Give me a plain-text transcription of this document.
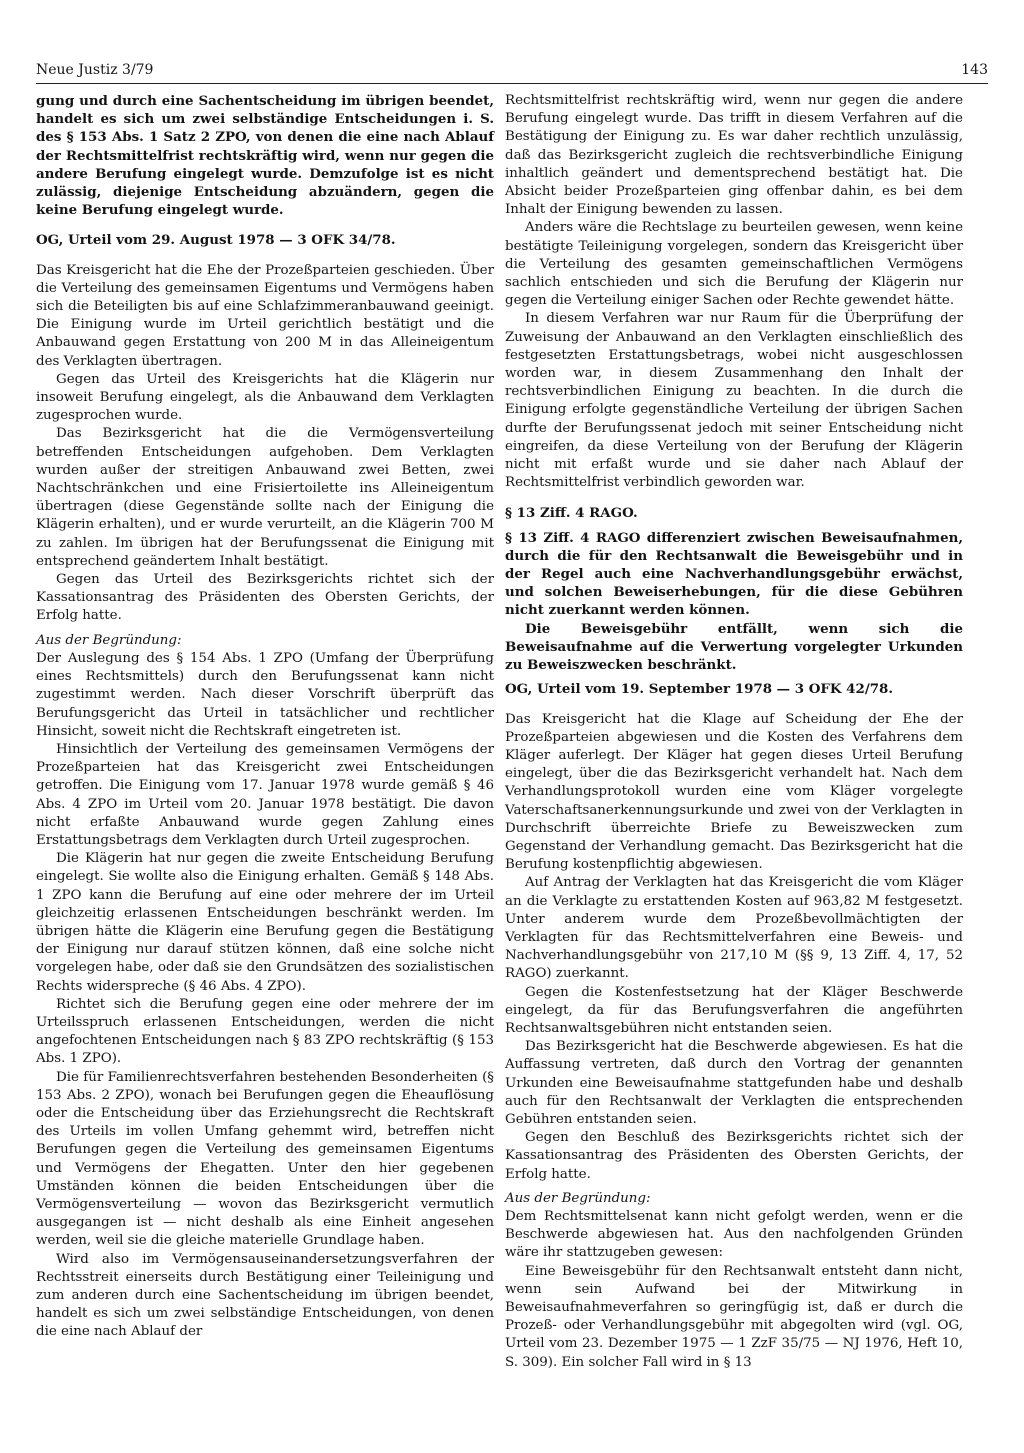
Neue Justiz 3/79	143

gung und durch eine Sachentscheidung im übrigen beendet, handelt es sich um zwei selbständige Entscheidungen i. S. des § 153 Abs. 1 Satz 2 ZPO, von denen die eine nach Ablauf der Rechtsmittelfrist rechtskräftig wird, wenn nur gegen die andere Berufung eingelegt wurde. Demzufolge ist es nicht zulässig, diejenige Entscheidung abzuändern, gegen die keine Berufung eingelegt wurde.

OG, Urteil vom 29. August 1978 — 3 OFK 34/78.

Das Kreisgericht hat die Ehe der Prozeßparteien geschieden. Über die Verteilung des gemeinsamen Eigentums und Vermögens haben sich die Beteiligten bis auf eine Schlafzimmeranbauwand geeinigt. Die Einigung wurde im Urteil gerichtlich bestätigt und die Anbauwand gegen Erstattung von 200 M in das Alleineigentum des Verklagten übertragen.

Gegen das Urteil des Kreisgerichts hat die Klägerin nur insoweit Berufung eingelegt, als die Anbauwand dem Verklagten zugesprochen wurde.

Das Bezirksgericht hat die die Vermögensverteilung betreffenden Entscheidungen aufgehoben. Dem Verklagten wurden außer der streitigen Anbauwand zwei Betten, zwei Nachtschränkchen und eine Frisiertoilette ins Alleineigentum übertragen (diese Gegenstände sollte nach der Einigung die Klägerin erhalten), und er wurde verurteilt, an die Klägerin 700 M zu zahlen. Im übrigen hat der Berufungssenat die Einigung mit entsprechend geändertem Inhalt bestätigt.

Gegen das Urteil des Bezirksgerichts richtet sich der Kassationsantrag des Präsidenten des Obersten Gerichts, der Erfolg hatte.

Aus der Begründung:

Der Auslegung des § 154 Abs. 1 ZPO (Umfang der Überprüfung eines Rechtsmittels) durch den Berufungssenat kann nicht zugestimmt werden. Nach dieser Vorschrift überprüft das Berufungsgericht das Urteil in tatsächlicher und rechtlicher Hinsicht, soweit nicht die Rechtskraft eingetreten ist.

Hinsichtlich der Verteilung des gemeinsamen Vermögens der Prozeßparteien hat das Kreisgericht zwei Entscheidungen getroffen. Die Einigung vom 17. Januar 1978 wurde gemäß § 46 Abs. 4 ZPO im Urteil vom 20. Januar 1978 bestätigt. Die davon nicht erfaßte Anbauwand wurde gegen Zahlung eines Erstattungsbetrags dem Verklagten durch Urteil zugesprochen.

Die Klägerin hat nur gegen die zweite Entscheidung Berufung eingelegt. Sie wollte also die Einigung erhalten. Gemäß § 148 Abs. 1 ZPO kann die Berufung auf eine oder mehrere der im Urteil gleichzeitig erlassenen Entscheidungen beschränkt werden. Im übrigen hätte die Klägerin eine Berufung gegen die Bestätigung der Einigung nur darauf stützen können, daß eine solche nicht vorgelegen habe, oder daß sie den Grundsätzen des sozialistischen Rechts widerspreche (§ 46 Abs. 4 ZPO).

Richtet sich die Berufung gegen eine oder mehrere der im Urteilsspruch erlassenen Entscheidungen, werden die nicht angefochtenen Entscheidungen nach § 83 ZPO rechtskräftig (§ 153 Abs. 1 ZPO).

Die für Familienrechtsverfahren bestehenden Besonderheiten (§ 153 Abs. 2 ZPO), wonach bei Berufungen gegen die Eheauflösung oder die Entscheidung über das Erziehungsrecht die Rechtskraft des Urteils im vollen Umfang gehemmt wird, betreffen nicht Berufungen gegen die Verteilung des gemeinsamen Eigentums und Vermögens der Ehegatten. Unter den hier gegebenen Umständen können die beiden Entscheidungen über die Vermögensverteilung — wovon das Bezirksgericht vermutlich ausgegangen ist — nicht deshalb als eine Einheit angesehen werden, weil sie die gleiche materielle Grundlage haben.

Wird also im Vermögensauseinandersetzungsverfahren der Rechtsstreit einerseits durch Bestätigung einer Teileinigung und zum anderen durch eine Sachentscheidung im übrigen beendet, handelt es sich um zwei selbständige Entscheidungen, von denen die eine nach Ablauf der

Rechtsmittelfrist rechtskräftig wird, wenn nur gegen die andere Berufung eingelegt wurde. Das trifft in diesem Verfahren auf die Bestätigung der Einigung zu. Es war daher rechtlich unzulässig, daß das Bezirksgericht zugleich die rechtsverbindliche Einigung inhaltlich geändert und dementsprechend bestätigt hat. Die Absicht beider Prozeßparteien ging offenbar dahin, es bei dem Inhalt der Einigung bewenden zu lassen.

Anders wäre die Rechtslage zu beurteilen gewesen, wenn keine bestätigte Teileinigung vorgelegen, sondern das Kreisgericht über die Verteilung des gesamten gemeinschaftlichen Vermögens sachlich entschieden und sich die Berufung der Klägerin nur gegen die Verteilung einiger Sachen oder Rechte gewendet hätte.

In diesem Verfahren war nur Raum für die Überprüfung der Zuweisung der Anbauwand an den Verklagten einschließlich des festgesetzten Erstattungsbetrags, wobei nicht ausgeschlossen worden war, in diesem Zusammenhang den Inhalt der rechtsverbindlichen Einigung zu beachten. In die durch die Einigung erfolgte gegenständliche Verteilung der übrigen Sachen durfte der Berufungssenat jedoch mit seiner Entscheidung nicht eingreifen, da diese Verteilung von der Berufung der Klägerin nicht mit erfaßt wurde und sie daher nach Ablauf der Rechtsmittelfrist verbindlich geworden war.

§ 13 Ziff. 4 RAGO.

§ 13 Ziff. 4 RAGO differenziert zwischen Beweisaufnahmen, durch die für den Rechtsanwalt die Beweisgebühr und in der Regel auch eine Nachverhandlungsgebühr erwächst, und solchen Beweiserhebungen, für die diese Gebühren nicht zuerkannt werden können.

Die Beweisgebühr entfällt, wenn sich die Beweisaufnahme auf die Verwertung vorgelegter Urkunden zu Beweiszwecken beschränkt.

OG, Urteil vom 19. September 1978 — 3 OFK 42/78.

Das Kreisgericht hat die Klage auf Scheidung der Ehe der Prozeßparteien abgewiesen und die Kosten des Verfahrens dem Kläger auferlegt. Der Kläger hat gegen dieses Urteil Berufung eingelegt, über die das Bezirksgericht verhandelt hat. Nach dem Verhandlungsprotokoll wurden eine vom Kläger vorgelegte Vaterschaftsanerkennungsurkunde und zwei von der Verklagten in Durchschrift überreichte Briefe zu Beweiszwecken zum Gegenstand der Verhandlung gemacht. Das Bezirksgericht hat die Berufung kostenpflichtig abgewiesen.

Auf Antrag der Verklagten hat das Kreisgericht die vom Kläger an die Verklagte zu erstattenden Kosten auf 963,82 M festgesetzt. Unter anderem wurde dem Prozeßbevollmächtigten der Verklagten für das Rechtsmittelverfahren eine Beweis- und Nachverhandlungsgebühr von 217,10 M (§§ 9, 13 Ziff. 4, 17, 52 RAGO) zuerkannt.

Gegen die Kostenfestsetzung hat der Kläger Beschwerde eingelegt, da für das Berufungsverfahren die angeführten Rechtsanwaltsgebühren nicht entstanden seien.

Das Bezirksgericht hat die Beschwerde abgewiesen. Es hat die Auffassung vertreten, daß durch den Vortrag der genannten Urkunden eine Beweisaufnahme stattgefunden habe und deshalb auch für den Rechtsanwalt der Verklagten die entsprechenden Gebühren entstanden seien.

Gegen den Beschluß des Bezirksgerichts richtet sich der Kassationsantrag des Präsidenten des Obersten Gerichts, der Erfolg hatte.

Aus der Begründung:

Dem Rechtsmittelsenat kann nicht gefolgt werden, wenn er die Beschwerde abgewiesen hat. Aus den nachfolgenden Gründen wäre ihr stattzugeben gewesen:

Eine Beweisgebühr für den Rechtsanwalt entsteht dann nicht, wenn sein Aufwand bei der Mitwirkung in Beweisaufnahmeverfahren so geringfügig ist, daß er durch die Prozeß- oder Verhandlungsgebühr mit abgegolten wird (vgl. OG, Urteil vom 23. Dezember 1975 — 1 ZzF 35/75 — NJ 1976, Heft 10, S. 309). Ein solcher Fall wird in § 13
